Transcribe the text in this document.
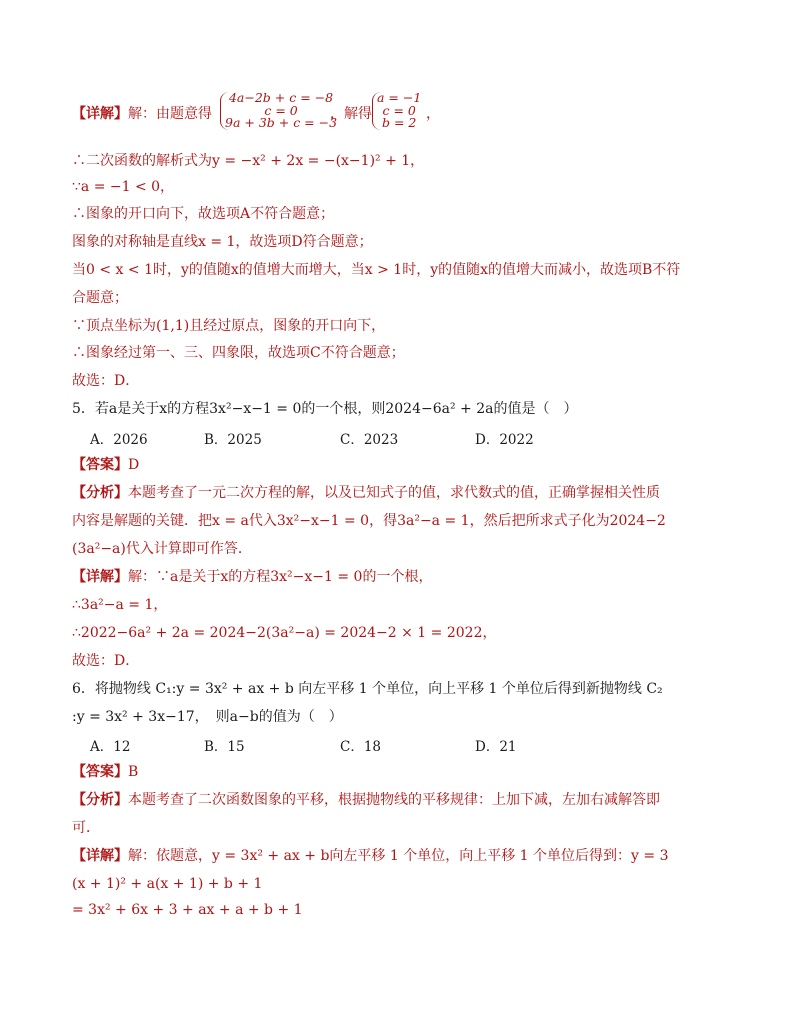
【详解】解：由题意得
4a−2b + c = −8
c = 0
9a + 3b + c = −3
，解得
a = −1
c = 0
b = 2
，
∴二次函数的解析式为y = −x² + 2x = −(x−1)² + 1，
∵a = −1 < 0，
∴图象的开口向下，故选项A不符合题意；
图象的对称轴是直线x = 1，故选项D符合题意；
当0 < x < 1时，y的值随x的值增大而增大，当x > 1时，y的值随x的值增大而减小，故选项B不符
合题意；
∵顶点坐标为(1,1)且经过原点，图象的开口向下，
∴图象经过第一、三、四象限，故选项C不符合题意；
故选：D．
5．若a是关于x的方程3x²−x−1 = 0的一个根，则2024−6a² + 2a的值是（　）
A．2026	B．2025	C．2023	D．2022
【答案】D
【分析】本题考查了一元二次方程的解，以及已知式子的值，求代数式的值，正确掌握相关性质
内容是解题的关键．把x = a代入3x²−x−1 = 0，得3a²−a = 1，然后把所求式子化为2024−2
(3a²−a)代入计算即可作答．
【详解】解：∵a是关于x的方程3x²−x−1 = 0的一个根，
∴3a²−a = 1，
∴2022−6a² + 2a = 2024−2(3a²−a) = 2024−2 × 1 = 2022，
故选：D．
6．将抛物线 C₁:y = 3x² + ax + b 向左平移 1 个单位，向上平移 1 个单位后得到新抛物线 C₂
:y = 3x² + 3x−17，　则a−b的值为（　）
A．12	B．15	C．18	D．21
【答案】B
【分析】本题考查了二次函数图象的平移，根据抛物线的平移规律：上加下减，左加右减解答即
可．
【详解】解：依题意，y = 3x² + ax + b向左平移 1 个单位，向上平移 1 个单位后得到：y = 3
(x + 1)² + a(x + 1) + b + 1
= 3x² + 6x + 3 + ax + a + b + 1
